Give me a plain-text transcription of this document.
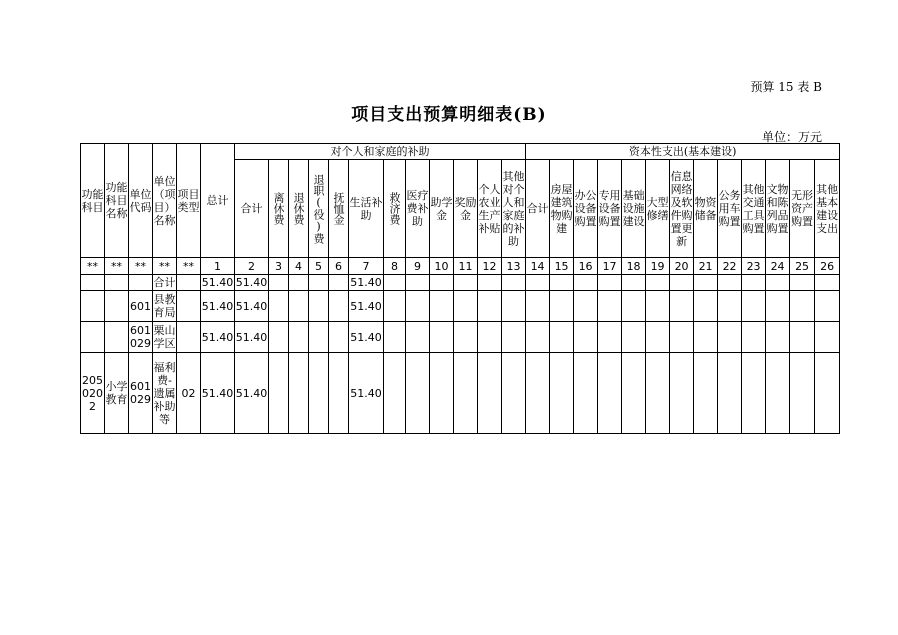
预算 15 表 B
项目支出预算明细表(B)
单位：万元
功能科目	功能科目名称	单位代码	单位（项目）名称	项目类型	总计	对个人和家庭的补助												资本性支出(基本建设)												
						合计	离休费	退休费	退职(役)费	抚恤金	生活补助	救济费	医疗费补助	助学金	奖励金	个人农业生产补贴	其他对个人和家庭的补助	合计	房屋建筑物购建	办公设备购置	专用设备购置	基础设施建设	大型修缮	信息网络及软件购置更新	物资储备	公务用车购置	其他交通工具购置	文物和陈列品购置	无形资产购置	其他基本建设支出
**	**	**	**	**	1	2	3	4	5	6	7	8	9	10	11	12	13	14	15	16	17	18	19	20	21	22	23	24	25	26
			合计		51.40	51.40					51.40																			
		601	县教育局		51.40	51.40					51.40																			
		601029	栗山学区		51.40	51.40					51.40																			
2050202	小学教育	601029	福利费-遗属补助等	02	51.40	51.40					51.40																			
